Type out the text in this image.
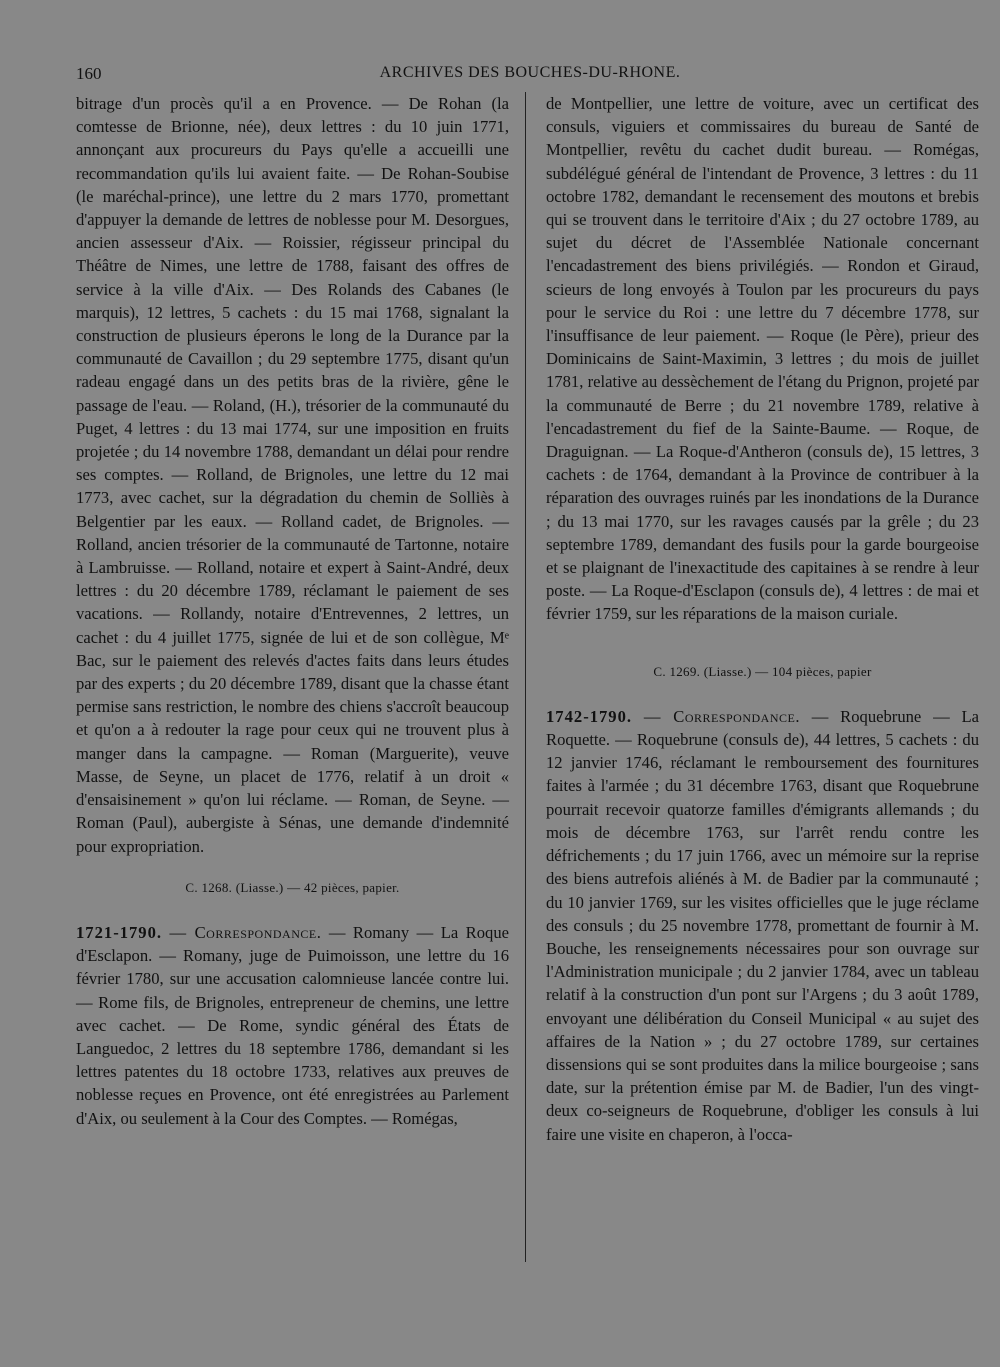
160	ARCHIVES DES BOUCHES-DU-RHONE.

bitrage d'un procès qu'il a en Provence. — De Rohan (la comtesse de Brionne, née), deux lettres : du 10 juin 1771, annonçant aux procureurs du Pays qu'elle a accueilli une recommandation qu'ils lui avaient faite. — De Rohan-Soubise (le maréchal-prince), une lettre du 2 mars 1770, promettant d'appuyer la demande de lettres de noblesse pour M. Desorgues, ancien assesseur d'Aix. — Roissier, régisseur principal du Théâtre de Nimes, une lettre de 1788, faisant des offres de service à la ville d'Aix. — Des Rolands des Cabanes (le marquis), 12 lettres, 5 cachets : du 15 mai 1768, signalant la construction de plusieurs éperons le long de la Durance par la communauté de Cavaillon ; du 29 septembre 1775, disant qu'un radeau engagé dans un des petits bras de la rivière, gêne le passage de l'eau. — Roland, (H.), trésorier de la communauté du Puget, 4 lettres : du 13 mai 1774, sur une imposition en fruits projetée ; du 14 novembre 1788, demandant un délai pour rendre ses comptes. — Rolland, de Brignoles, une lettre du 12 mai 1773, avec cachet, sur la dégradation du chemin de Solliès à Belgentier par les eaux. — Rolland cadet, de Brignoles. — Rolland, ancien trésorier de la communauté de Tartonne, notaire à Lambruisse. — Rolland, notaire et expert à Saint-André, deux lettres : du 20 décembre 1789, réclamant le paiement de ses vacations. — Rollandy, notaire d'Entrevennes, 2 lettres, un cachet : du 4 juillet 1775, signée de lui et de son collègue, Mᵉ Bac, sur le paiement des relevés d'actes faits dans leurs études par des experts ; du 20 décembre 1789, disant que la chasse étant permise sans restriction, le nombre des chiens s'accroît beaucoup et qu'on a à redouter la rage pour ceux qui ne trouvent plus à manger dans la campagne. — Roman (Marguerite), veuve Masse, de Seyne, un placet de 1776, relatif à un droit « d'ensaisinement » qu'on lui réclame. — Roman, de Seyne. — Roman (Paul), aubergiste à Sénas, une demande d'indemnité pour expropriation.

C. 1268. (Liasse.) — 42 pièces, papier.

1721-1790. — Correspondance. — Romany — La Roque d'Esclapon. — Romany, juge de Puimoisson, une lettre du 16 février 1780, sur une accusation calomnieuse lancée contre lui. — Rome fils, de Brignoles, entrepreneur de chemins, une lettre avec cachet. — De Rome, syndic général des États de Languedoc, 2 lettres du 18 septembre 1786, demandant si les lettres patentes du 18 octobre 1733, relatives aux preuves de noblesse reçues en Provence, ont été enregistrées au Parlement d'Aix, ou seulement à la Cour des Comptes. — Romégas,

de Montpellier, une lettre de voiture, avec un certificat des consuls, viguiers et commissaires du bureau de Santé de Montpellier, revêtu du cachet dudit bureau. — Romégas, subdélégué général de l'intendant de Provence, 3 lettres : du 11 octobre 1782, demandant le recensement des moutons et brebis qui se trouvent dans le territoire d'Aix ; du 27 octobre 1789, au sujet du décret de l'Assemblée Nationale concernant l'encadastrement des biens privilégiés. — Rondon et Giraud, scieurs de long envoyés à Toulon par les procureurs du pays pour le service du Roi : une lettre du 7 décembre 1778, sur l'insuffisance de leur paiement. — Roque (le Père), prieur des Dominicains de Saint-Maximin, 3 lettres ; du mois de juillet 1781, relative au dessèchement de l'étang du Prignon, projeté par la communauté de Berre ; du 21 novembre 1789, relative à l'encadastrement du fief de la Sainte-Baume. — Roque, de Draguignan. — La Roque-d'Antheron (consuls de), 15 lettres, 3 cachets : de 1764, demandant à la Province de contribuer à la réparation des ouvrages ruinés par les inondations de la Durance ; du 13 mai 1770, sur les ravages causés par la grêle ; du 23 septembre 1789, demandant des fusils pour la garde bourgeoise et se plaignant de l'inexactitude des capitaines à se rendre à leur poste. — La Roque-d'Esclapon (consuls de), 4 lettres : de mai et février 1759, sur les réparations de la maison curiale.

C. 1269. (Liasse.) — 104 pièces, papier

1742-1790. — Correspondance. — Roquebrune — La Roquette. — Roquebrune (consuls de), 44 lettres, 5 cachets : du 12 janvier 1746, réclamant le remboursement des fournitures faites à l'armée ; du 31 décembre 1763, disant que Roquebrune pourrait recevoir quatorze familles d'émigrants allemands ; du mois de décembre 1763, sur l'arrêt rendu contre les défrichements ; du 17 juin 1766, avec un mémoire sur la reprise des biens autrefois aliénés à M. de Badier par la communauté ; du 10 janvier 1769, sur les visites officielles que le juge réclame des consuls ; du 25 novembre 1778, promettant de fournir à M. Bouche, les renseignements nécessaires pour son ouvrage sur l'Administration municipale ; du 2 janvier 1784, avec un tableau relatif à la construction d'un pont sur l'Argens ; du 3 août 1789, envoyant une délibération du Conseil Municipal « au sujet des affaires de la Nation » ; du 27 octobre 1789, sur certaines dissensions qui se sont produites dans la milice bourgeoise ; sans date, sur la prétention émise par M. de Badier, l'un des vingt-deux co-seigneurs de Roquebrune, d'obliger les consuls à lui faire une visite en chaperon, à l'occa-
